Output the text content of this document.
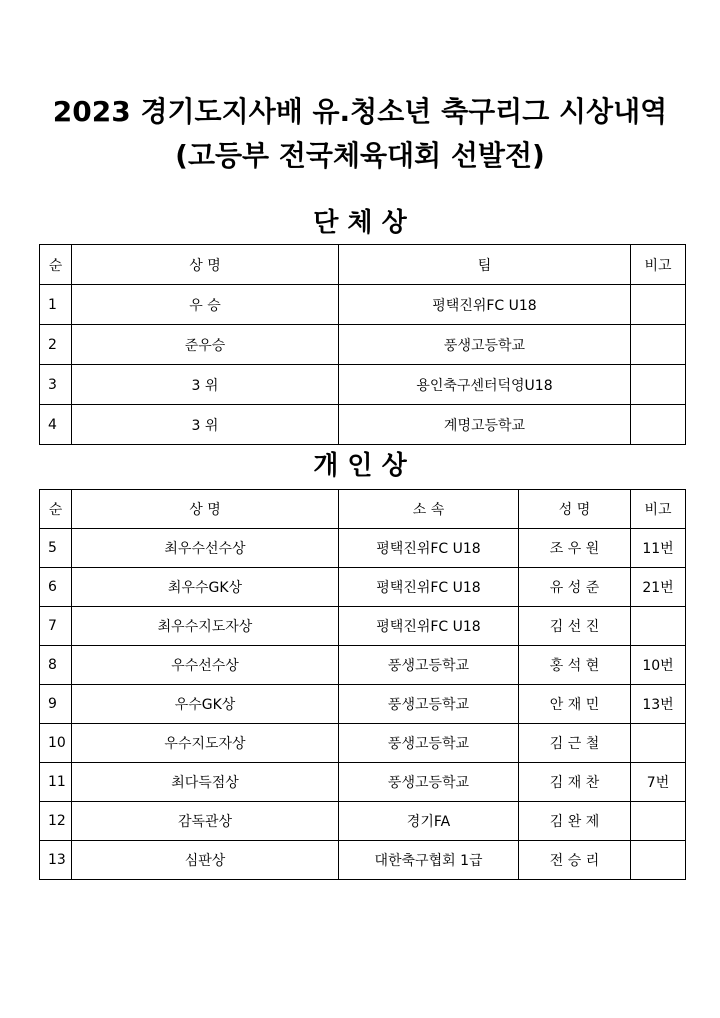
2023 경기도지사배 유.청소년 축구리그 시상내역
(고등부 전국체육대회 선발전)
단 체 상
순	상 명	팀	비고
1	우 승	평택진위FC U18	
2	준우승	풍생고등학교	
3	3 위	용인축구센터덕영U18	
4	3 위	계명고등학교	
개 인 상
순	상 명	소 속	성 명	비고
5	최우수선수상	평택진위FC U18	조 우 원	11번
6	최우수GK상	평택진위FC U18	유 성 준	21번
7	최우수지도자상	평택진위FC U18	김 선 진	
8	우수선수상	풍생고등학교	홍 석 현	10번
9	우수GK상	풍생고등학교	안 재 민	13번
10	우수지도자상	풍생고등학교	김 근 철	
11	최다득점상	풍생고등학교	김 재 찬	7번
12	감독관상	경기FA	김 완 제	
13	심판상	대한축구협회 1급	전 승 리	
